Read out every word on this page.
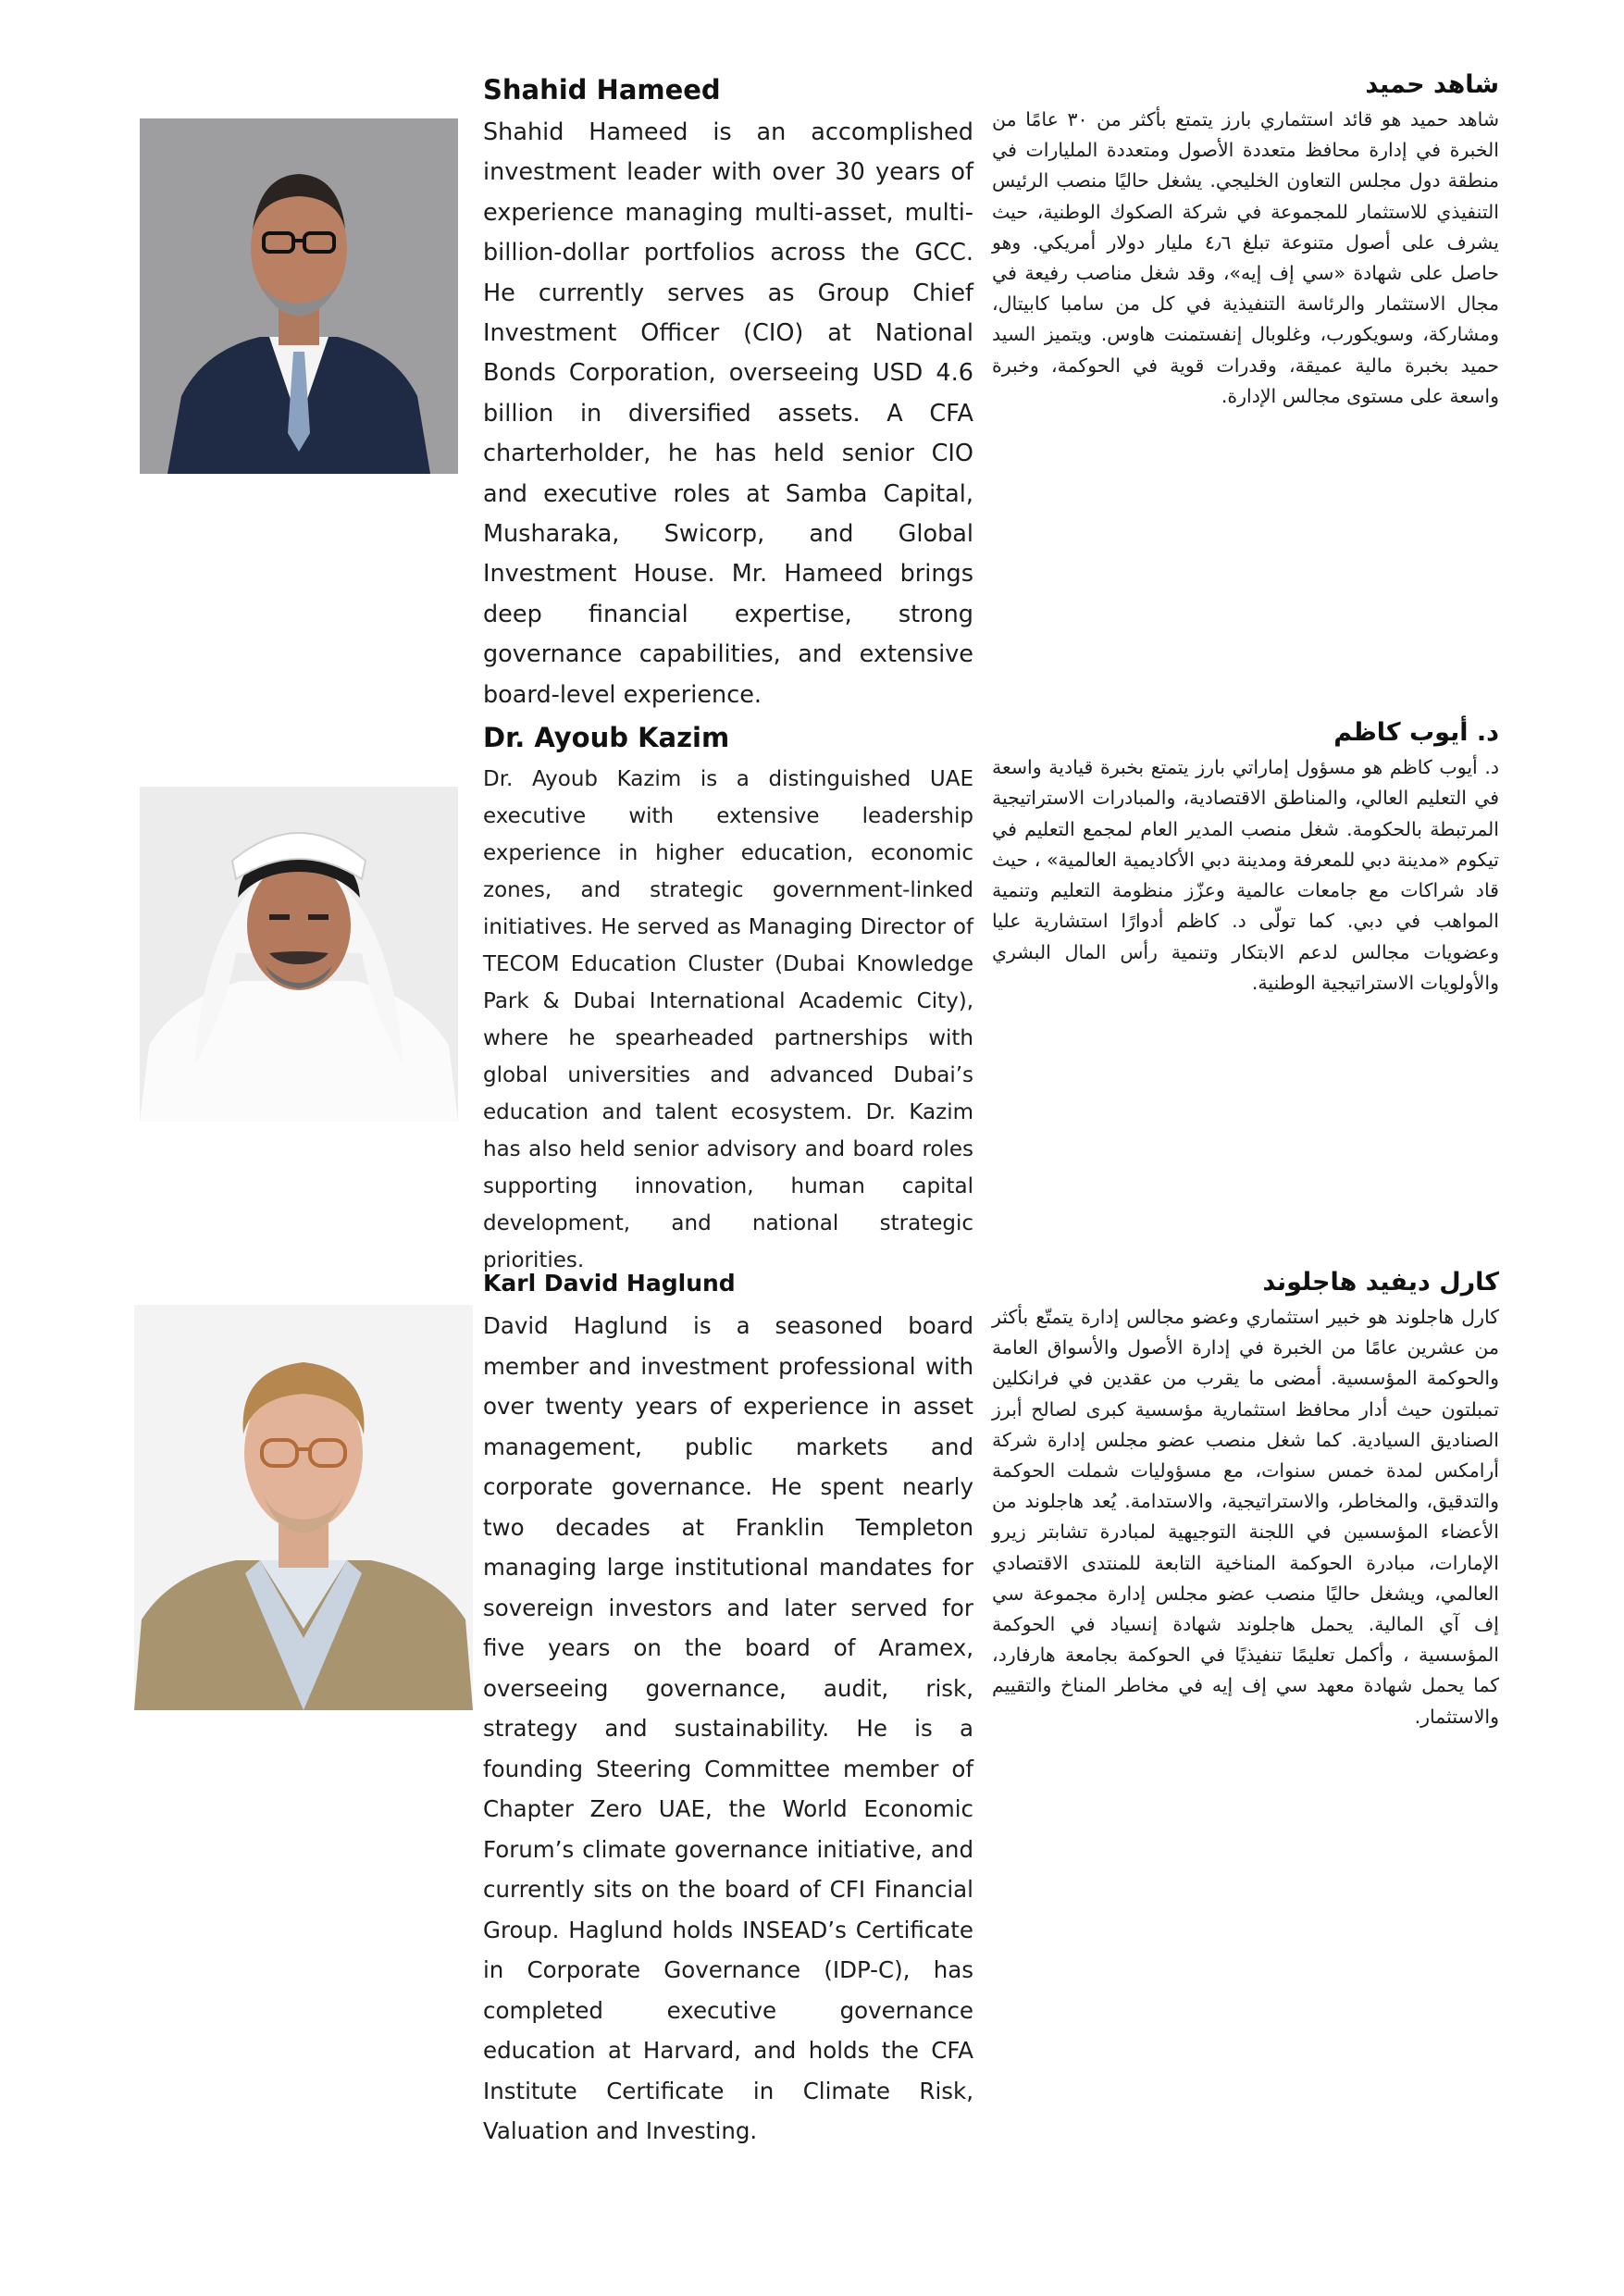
Shahid Hameed

Shahid Hameed is an accomplished investment leader with over 30 years of experience managing multi-asset, multi-billion-dollar portfolios across the GCC. He currently serves as Group Chief Investment Officer (CIO) at National Bonds Corporation, overseeing USD 4.6 billion in diversified assets. A CFA charterholder, he has held senior CIO and executive roles at Samba Capital, Musharaka, Swicorp, and Global Investment House. Mr. Hameed brings deep financial expertise, strong governance capabilities, and extensive board-level experience.

شاهد حميد

شاهد حميد هو قائد استثماري بارز يتمتع بأكثر من ٣٠ عامًا من الخبرة في إدارة محافظ متعددة الأصول ومتعددة المليارات في منطقة دول مجلس التعاون الخليجي. يشغل حاليًا منصب الرئيس التنفيذي للاستثمار للمجموعة في شركة الصكوك الوطنية، حيث يشرف على أصول متنوعة تبلغ ٤٫٦ مليار دولار أمريكي. وهو حاصل على شهادة «سي إف إيه»، وقد شغل مناصب رفيعة في مجال الاستثمار والرئاسة التنفيذية في كل من سامبا كابيتال، ومشاركة، وسويكورب، وغلوبال إنفستمنت هاوس. ويتميز السيد حميد بخبرة مالية عميقة، وقدرات قوية في الحوكمة، وخبرة واسعة على مستوى مجالس الإدارة.

Dr. Ayoub Kazim

Dr. Ayoub Kazim is a distinguished UAE executive with extensive leadership experience in higher education, economic zones, and strategic government-linked initiatives. He served as Managing Director of TECOM Education Cluster (Dubai Knowledge Park & Dubai International Academic City), where he spearheaded partnerships with global universities and advanced Dubai’s education and talent ecosystem. Dr. Kazim has also held senior advisory and board roles supporting innovation, human capital development, and national strategic priorities.

د. أيوب كاظم

د. أيوب كاظم هو مسؤول إماراتي بارز يتمتع بخبرة قيادية واسعة في التعليم العالي، والمناطق الاقتصادية، والمبادرات الاستراتيجية المرتبطة بالحكومة. شغل منصب المدير العام لمجمع التعليم في تيكوم «مدينة دبي للمعرفة ومدينة دبي الأكاديمية العالمية» ، حيث قاد شراكات مع جامعات عالمية وعزّز منظومة التعليم وتنمية المواهب في دبي. كما تولّى د. كاظم أدوارًا استشارية عليا وعضويات مجالس لدعم الابتكار وتنمية رأس المال البشري والأولويات الاستراتيجية الوطنية.

Karl David Haglund

David Haglund is a seasoned board member and investment professional with over twenty years of experience in asset management, public markets and corporate governance. He spent nearly two decades at Franklin Templeton managing large institutional mandates for sovereign investors and later served for five years on the board of Aramex, overseeing governance, audit, risk, strategy and sustainability. He is a founding Steering Committee member of Chapter Zero UAE, the World Economic Forum’s climate governance initiative, and currently sits on the board of CFI Financial Group. Haglund holds INSEAD’s Certificate in Corporate Governance (IDP-C), has completed executive governance education at Harvard, and holds the CFA Institute Certificate in Climate Risk, Valuation and Investing.

كارل ديفيد هاجلوند

كارل هاجلوند هو خبير استثماري وعضو مجالس إدارة يتمتّع بأكثر من عشرين عامًا من الخبرة في إدارة الأصول والأسواق العامة والحوكمة المؤسسية. أمضى ما يقرب من عقدين في فرانكلين تمبلتون حيث أدار محافظ استثمارية مؤسسية كبرى لصالح أبرز الصناديق السيادية. كما شغل منصب عضو مجلس إدارة شركة أرامكس لمدة خمس سنوات، مع مسؤوليات شملت الحوكمة والتدقيق، والمخاطر، والاستراتيجية، والاستدامة. يُعد هاجلوند من الأعضاء المؤسسين في اللجنة التوجيهية لمبادرة تشابتر زيرو الإمارات، مبادرة الحوكمة المناخية التابعة للمنتدى الاقتصادي العالمي، ويشغل حاليًا منصب عضو مجلس إدارة مجموعة سي إف آي المالية. يحمل هاجلوند شهادة إنسياد في الحوكمة المؤسسية ، وأكمل تعليمًا تنفيذيًا في الحوكمة بجامعة هارفارد، كما يحمل شهادة معهد سي إف إيه في مخاطر المناخ والتقييم والاستثمار.
